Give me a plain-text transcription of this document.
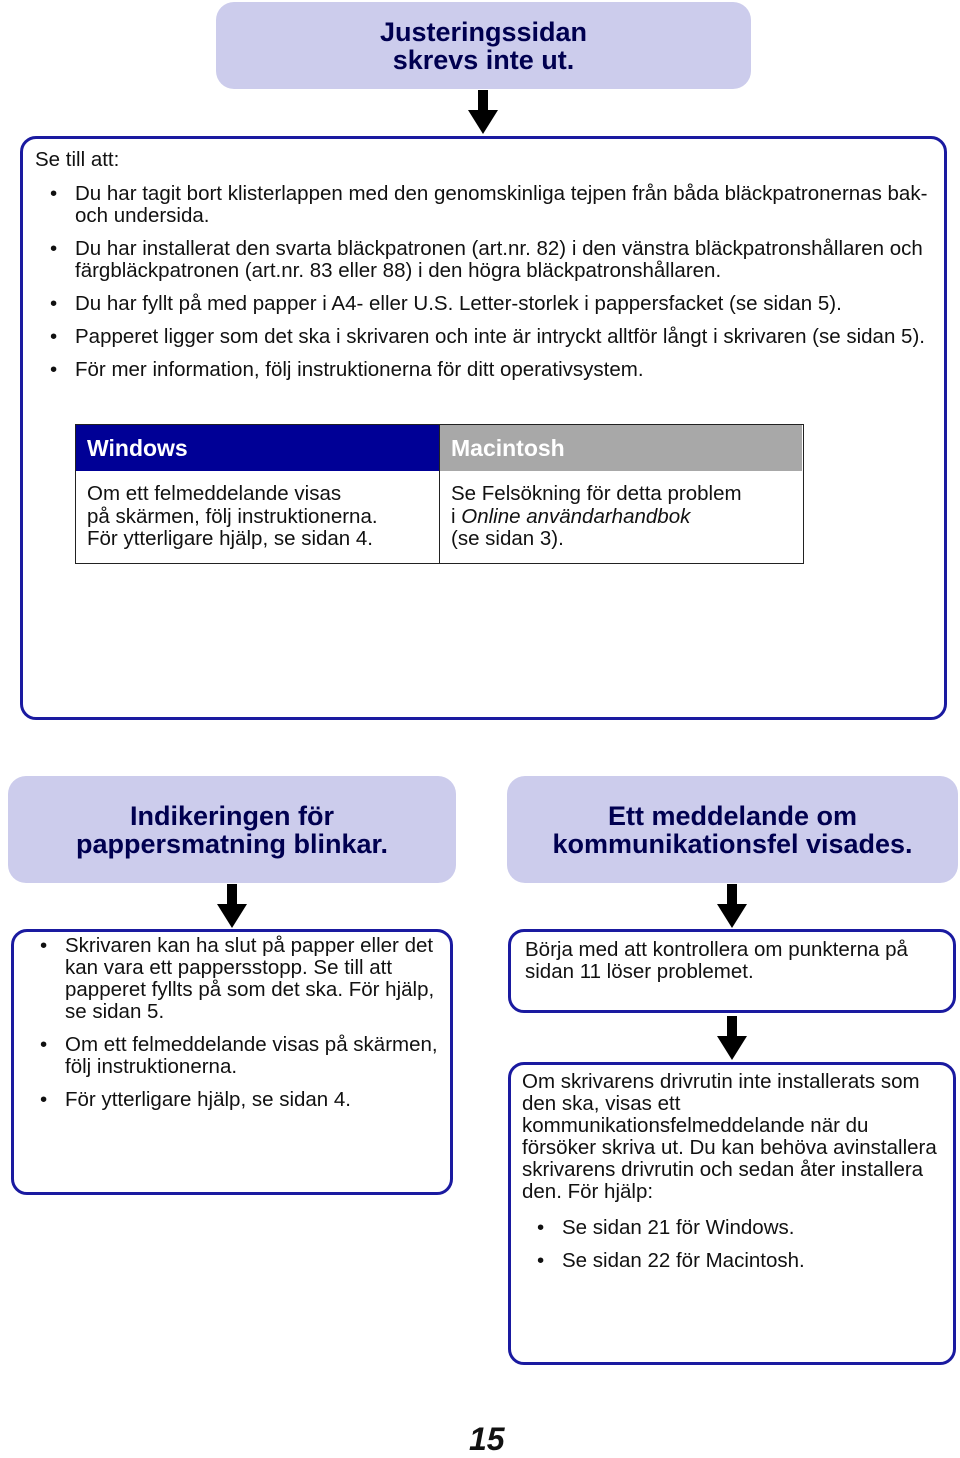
Justeringssidan
skrevs inte ut.

Se till att:

• Du har tagit bort klisterlappen med den genomskinliga tejpen från båda bläckpatronernas bak- och undersida.
• Du har installerat den svarta bläckpatronen (art.nr. 82) i den vänstra bläckpatronshållaren och färgbläckpatronen (art.nr. 83 eller 88) i den högra bläckpatronshållaren.
• Du har fyllt på med papper i A4- eller U.S. Letter-storlek i pappersfacket (se sidan 5).
• Papperet ligger som det ska i skrivaren och inte är intryckt alltför långt i skrivaren (se sidan 5).
• För mer information, följ instruktionerna för ditt operativsystem.
Windows	Macintosh
Om ett felmeddelande visas
på skärmen, följ instruktionerna.
För ytterligare hjälp, se sidan 4.
Se Felsökning för detta problem
i Online användarhandbok
(se sidan 3).
Indikeringen för
pappersmatning blinkar.
Ett meddelande om
kommunikationsfel visades.
• Skrivaren kan ha slut på papper eller det kan vara ett pappersstopp. Se till att papperet fyllts på som det ska. För hjälp, se sidan 5.
• Om ett felmeddelande visas på skärmen, följ instruktionerna.
• För ytterligare hjälp, se sidan 4.

Börja med att kontrollera om punkterna på sidan 11 löser problemet.

Om skrivarens drivrutin inte installerats som den ska, visas ett kommunikationsfelmeddelande när du försöker skriva ut. Du kan behöva avinstallera skrivarens drivrutin och sedan åter installera den. För hjälp:

• Se sidan 21 för Windows.
• Se sidan 22 för Macintosh.
15
